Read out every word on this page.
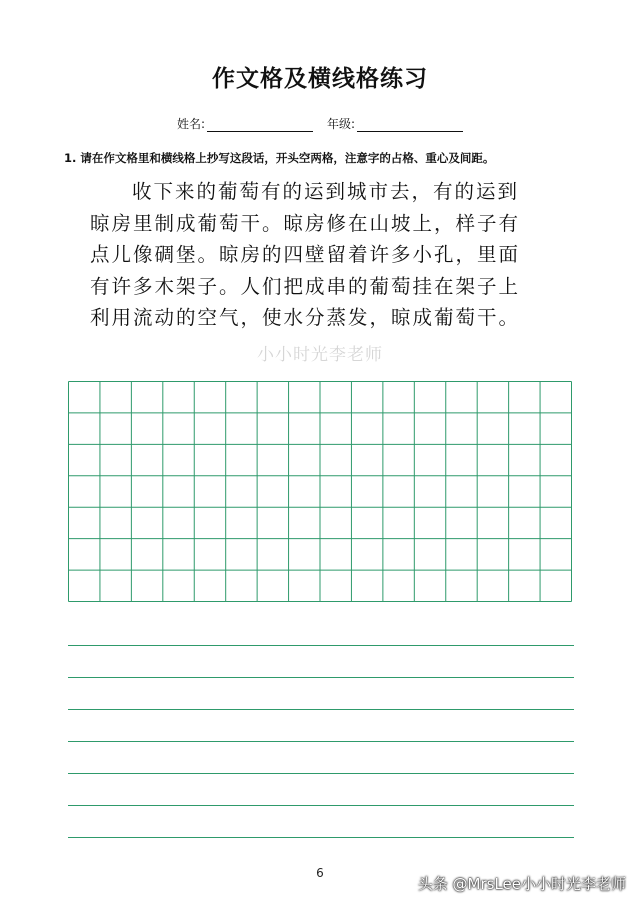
作文格及横线格练习
姓名:	年级:
1. 请在作文格里和横线格上抄写这段话，开头空两格，注意字的占格、重心及间距。
收下来的葡萄有的运到城市去，有的运到
晾房里制成葡萄干。晾房修在山坡上，样子有
点儿像碉堡。晾房的四壁留着许多小孔，里面
有许多木架子。人们把成串的葡萄挂在架子上
利用流动的空气，使水分蒸发，晾成葡萄干。
小小时光李老师
6
头条 @MrsLee小小时光李老师
